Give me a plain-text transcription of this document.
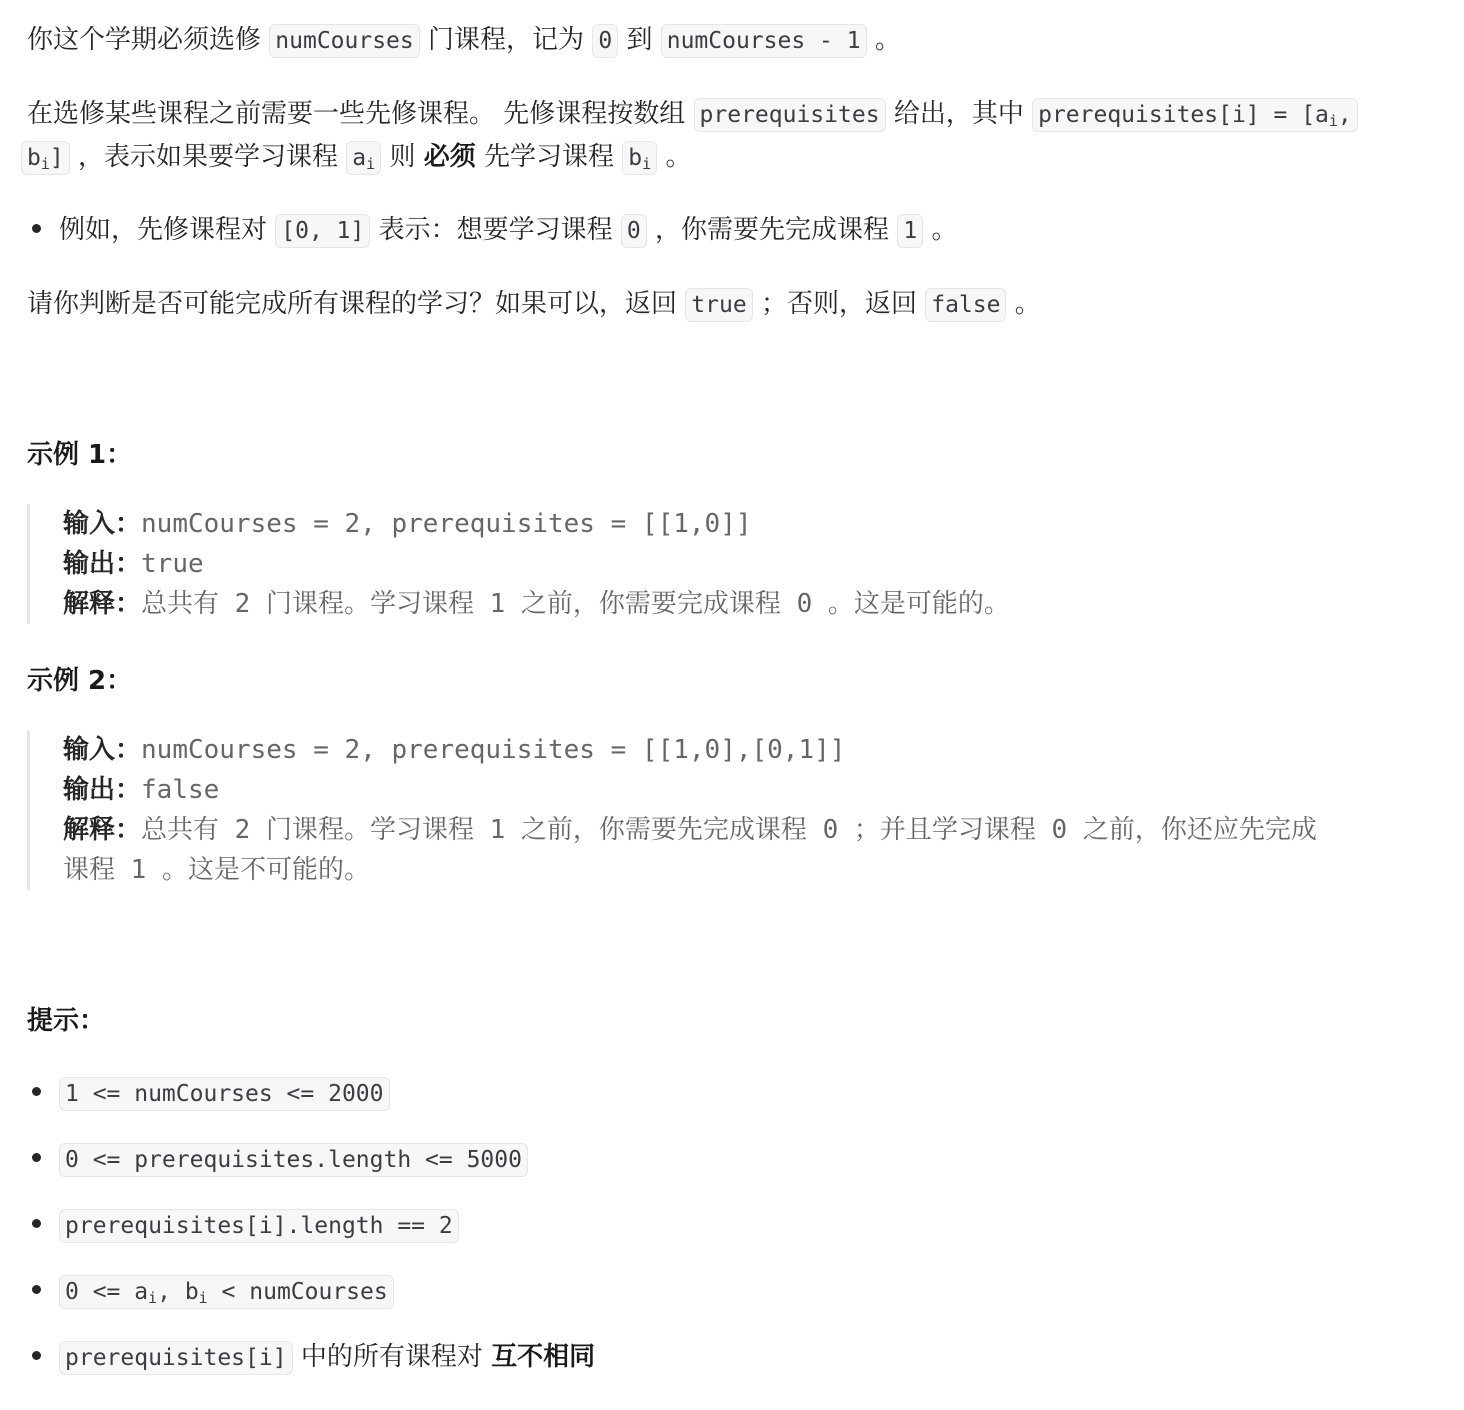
你这个学期必须选修 numCourses 门课程，记为 0 到 numCourses - 1 。
在选修某些课程之前需要一些先修课程。 先修课程按数组 prerequisites 给出，其中 prerequisites[i] = [$a_i$,
$b_i$] ，表示如果要学习课程 $a_i$ 则 必须 先学习课程 $b_i$ 。
例如，先修课程对 [0, 1] 表示：想要学习课程 0 ，你需要先完成课程 1 。
请你判断是否可能完成所有课程的学习？如果可以，返回 true ；否则，返回 false 。
示例 1：
输入：numCourses = 2, prerequisites = [[1,0]]
输出：true
解释：总共有 2 门课程。学习课程 1 之前，你需要完成课程 0 。这是可能的。
示例 2：
输入：numCourses = 2, prerequisites = [[1,0],[0,1]]
输出：false
解释：总共有 2 门课程。学习课程 1 之前，你需要先完成课程 0 ；并且学习课程 0 之前，你还应先完成
课程 1 。这是不可能的。
提示：
1 <= numCourses <= 2000
0 <= prerequisites.length <= 5000
prerequisites[i].length == 2
$0 <= a_i$, $b_i$ < numCourses
prerequisites[i] 中的所有课程对 互不相同
